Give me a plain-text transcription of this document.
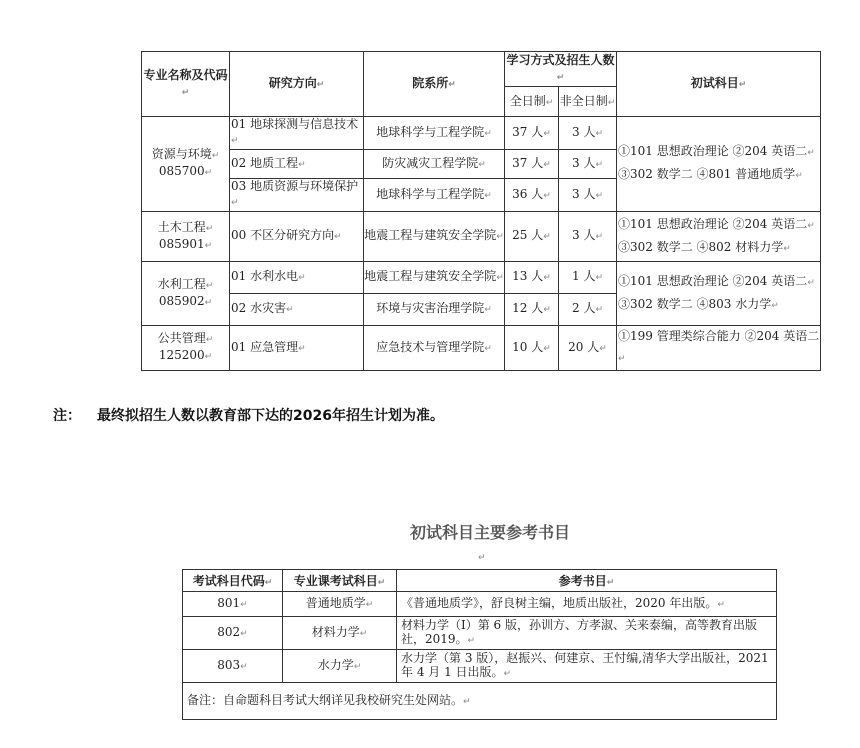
专业名称及代码↵	研究方向↵	院系所↵	学习方式及招生人数↵		初试科目↵
			全日制↵	非全日制↵	
资源与环境↵
085700↵	01 地球探测与信息技术↵	地球科学与工程学院↵	37 人↵	3 人↵	①101 思想政治理论 ②204 英语二↵
③302 数学二 ④801 普通地质学↵
	02 地质工程↵	防灾减灾工程学院↵	37 人↵	3 人↵	
	03 地质资源与环境保护↵	地球科学与工程学院↵	36 人↵	3 人↵	
土木工程↵
085901↵	00 不区分研究方向↵	地震工程与建筑安全学院↵	25 人↵	3 人↵	①101 思想政治理论 ②204 英语二↵
③302 数学二 ④802 材料力学↵
水利工程↵
085902↵	01 水利水电↵	地震工程与建筑安全学院↵	13 人↵	1 人↵	①101 思想政治理论 ②204 英语二↵
③302 数学二 ④803 水力学↵
	02 水灾害↵	环境与灾害治理学院↵	12 人↵	2 人↵	
公共管理↵
125200↵	01 应急管理↵	应急技术与管理学院↵	10 人↵	20 人↵	①199 管理类综合能力 ②204 英语二↵
注： 最终拟招生人数以教育部下达的2026年招生计划为准。
初试科目主要参考书目
↵
考试科目代码↵	专业课考试科目↵	参考书目↵
801↵	普通地质学↵	《普通地质学》，舒良树主编，地质出版社，2020 年出版。↵
802↵	材料力学↵	材料力学（I）第 6 版，孙训方、方孝淑、关来泰编，高等教育出版社，2019。↵
803↵	水力学↵	水力学（第 3 版），赵振兴、何建京、王忖编,清华大学出版社，2021 年 4 月 1 日出版。↵
备注：自命题科目考试大纲详见我校研究生处网站。↵		
